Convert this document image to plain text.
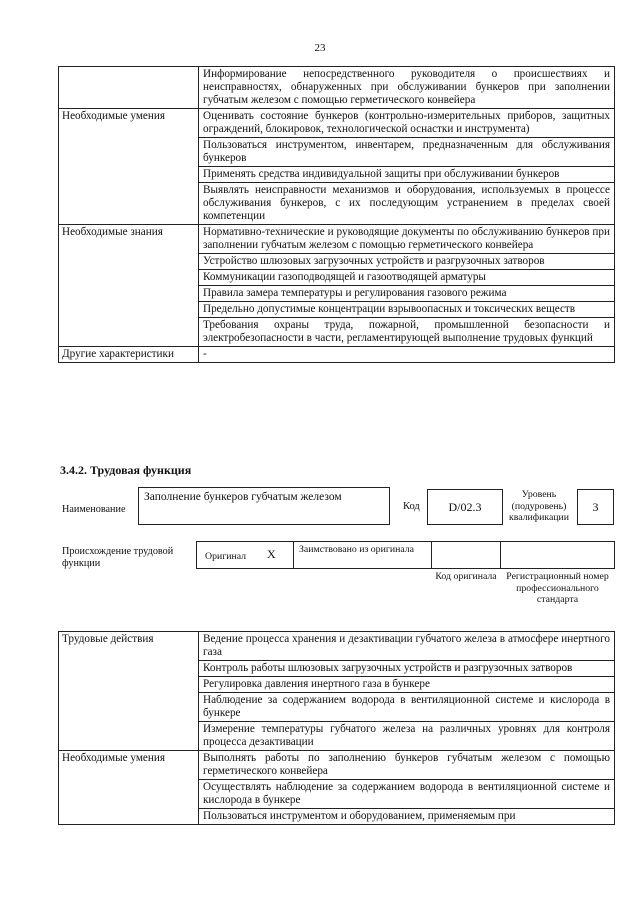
23
	Информирование непосредственного руководителя о происшествиях и неисправностях, обнаруженных при обслуживании бункеров при заполнении губчатым железом с помощью герметического конвейера
Необходимые умения	Оценивать состояние бункеров (контрольно-измерительных приборов, защитных ограждений, блокировок, технологической оснастки и инструмента)
	Пользоваться инструментом, инвентарем, предназначенным для обслуживания бункеров
	Применять средства индивидуальной защиты при обслуживании бункеров
	Выявлять неисправности механизмов и оборудования, используемых в процессе обслуживания бункеров, с их последующим устранением в пределах своей компетенции
Необходимые знания	Нормативно-технические и руководящие документы по обслуживанию бункеров при заполнении губчатым железом с помощью герметического конвейера
	Устройство шлюзовых загрузочных устройств и разгрузочных затворов
	Коммуникации газоподводящей и газоотводящей арматуры
	Правила замера температуры и регулирования газового режима
	Предельно допустимые концентрации взрывоопасных и токсических веществ
	Требования охраны труда, пожарной, промышленной безопасности и электробезопасности в части, регламентирующей выполнение трудовых функций
Другие характеристики	-
3.4.2. Трудовая функция
Наименование
Заполнение бункеров губчатым железом
Код	D/02.3
Уровень (подуровень) квалификации
3
Происхождение трудовой функции
Оригинал X Заимствовано из оригинала
Код оригинала Регистрационный номер профессионального стандарта
Трудовые действия	Ведение процесса хранения и дезактивации губчатого железа в атмосфере инертного газа
	Контроль работы шлюзовых загрузочных устройств и разгрузочных затворов
	Регулировка давления инертного газа в бункере
	Наблюдение за содержанием водорода в вентиляционной системе и кислорода в бункере
	Измерение температуры губчатого железа на различных уровнях для контроля процесса дезактивации
Необходимые умения	Выполнять работы по заполнению бункеров губчатым железом с помощью герметического конвейера
	Осуществлять наблюдение за содержанием водорода в вентиляционной системе и кислорода в бункере
	Пользоваться инструментом и оборудованием, применяемым при
